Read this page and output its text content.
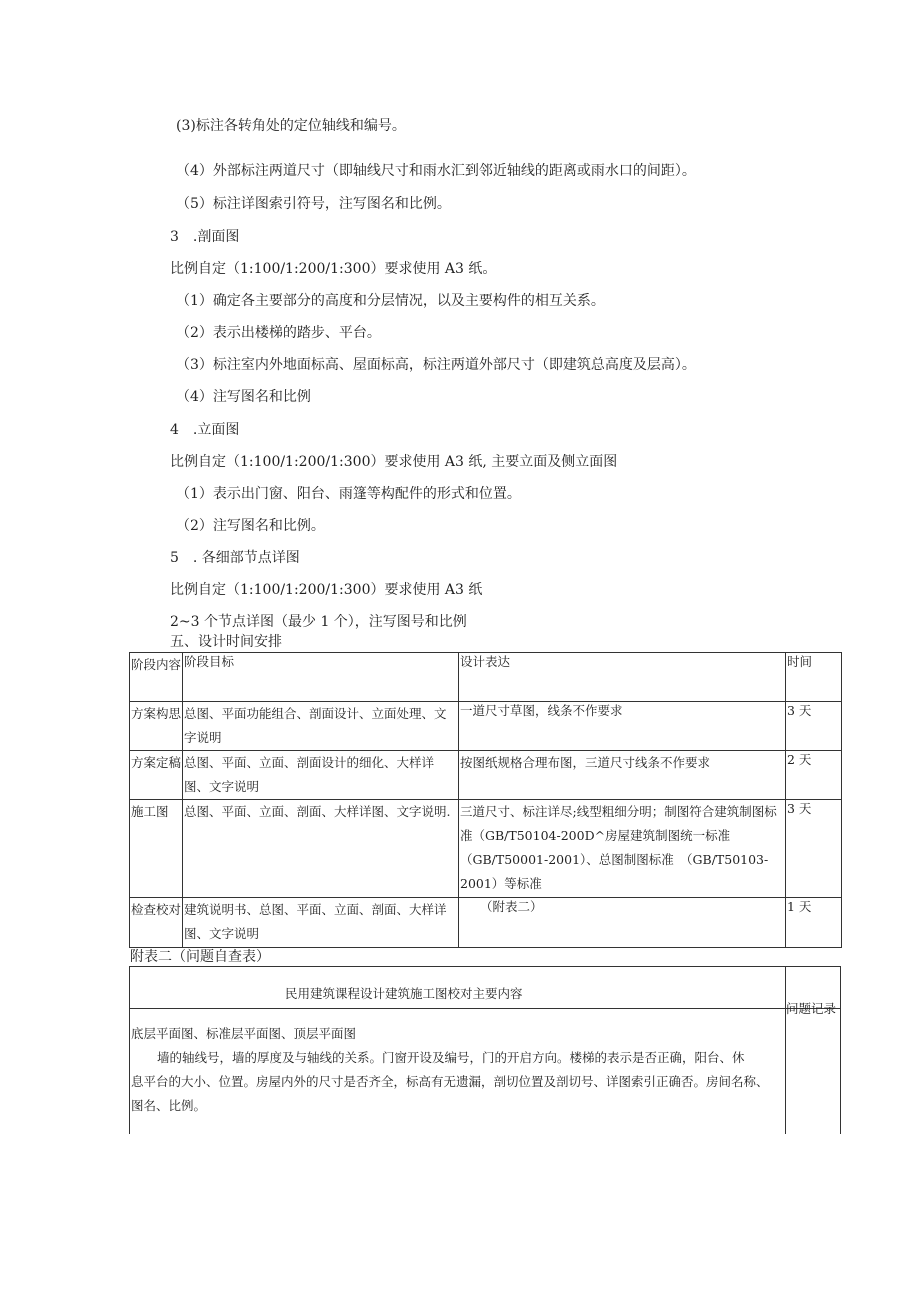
(3)标注各转角处的定位轴线和编号。
（4）外部标注两道尺寸（即轴线尺寸和雨水汇到邻近轴线的距离或雨水口的间距）。
（5）标注详图索引符号，注写图名和比例。
3　.剖面图
比例自定（1:100/1:200/1:300）要求使用 A3 纸。
（1）确定各主要部分的高度和分层情况，以及主要构件的相互关系。
（2）表示出楼梯的踏步、平台。
（3）标注室内外地面标高、屋面标高，标注两道外部尺寸（即建筑总高度及层高）。
（4）注写图名和比例
4　.立面图
比例自定（1:100/1:200/1:300）要求使用 A3 纸, 主要立面及侧立面图
（1）表示出门窗、阳台、雨篷等构配件的形式和位置。
（2）注写图名和比例。
5　. 各细部节点详图
比例自定（1:100/1:200/1:300）要求使用 A3 纸
2~3 个节点详图（最少 1 个），注写图号和比例
五、设计时间安排
阶段内容	阶段目标	设计表达	时间

方案构思	总图、平面功能组合、剖面设计、立面处理、文字说明	一道尺寸草图，线条不作要求	3 天

方案定稿	总图、平面、立面、剖面设计的细化、大样详图、文字说明	按图纸规格合理布图，三道尺寸线条不作要求	2 天

施工图	总图、平面、立面、剖面、大样详图、文字说明.	三道尺寸、标注详尽;线型粗细分明；制图符合建筑制图标准（GB/T50104-200D^房屋建筑制图统一标准（GB/T50001-2001）、总图制图标准　（GB/T50103-2001）等标准	3 天

检查校对	建筑说明书、总图、平面、立面、剖面、大样详图、文字说明	（附表二）	1 天
附表二（问题自查表）
民用建筑课程设计建筑施工图校对主要内容
问题记录
底层平面图、标准层平面图、顶层平面图
墙的轴线号，墙的厚度及与轴线的关系。门窗开设及编号，门的开启方向。楼梯的表示是否正确，阳台、休
息平台的大小、位置。房屋内外的尺寸是否齐全，标高有无遗漏，剖切位置及剖切号、详图索引正确否。房间名称、
图名、比例。
